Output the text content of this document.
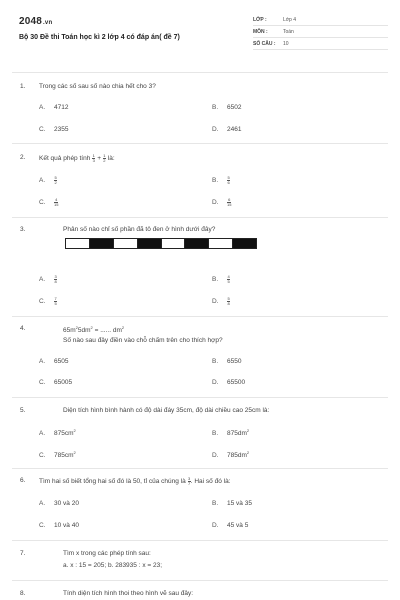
2048.vn
Bộ 30 Đề thi Toán học kì 2 lớp 4 có đáp án( đề 7)
LỚP :	Lớp 4
MÔN :	Toán
SỐ CÂU :	10
1. Trong các số sau số nào chia hết cho 3?
A. 4712	B. 6502
C. 2355	D. 2461
2. Kết quả phép tính $\frac{1}{3} + \frac{1}{2}$ là:
A. $\frac{5}{2}$	B. $\frac{5}{6}$
C. $\frac{4}{15}$	D. $\frac{6}{15}$
3.	Phân số nào chỉ số phần đã tô đen ở hình dưới đây?
A. $\frac{3}{8}$	B. $\frac{4}{5}$
C. $\frac{7}{5}$	D. $\frac{5}{8}$
4.	$65m^25dm^2$ = ...... $dm^2$
Số nào sau đây điền vào chỗ chấm trên cho thích hợp?
A. 6505	B. 6550
C. 65005	D. 65500
5.	Diện tích hình bình hành có độ dài đáy 35cm, độ dài chiều cao 25cm là:
A. $875cm^2$	B. $875dm^2$
C. $785cm^2$	D. $785dm^2$
6. Tìm hai số biết tổng hai số đó là 50, tỉ của chúng là $\frac{3}{7}$ . Hai số đó là:
A. 30 và 20	B. 15 và 35
C. 10 và 40	D. 45 và 5
7.	Tìm x trong các phép tính sau:
a. x : 15 = 205; b. 283935 : x = 23;
8.	Tính diện tích hình thoi theo hình vẽ sau đây:
